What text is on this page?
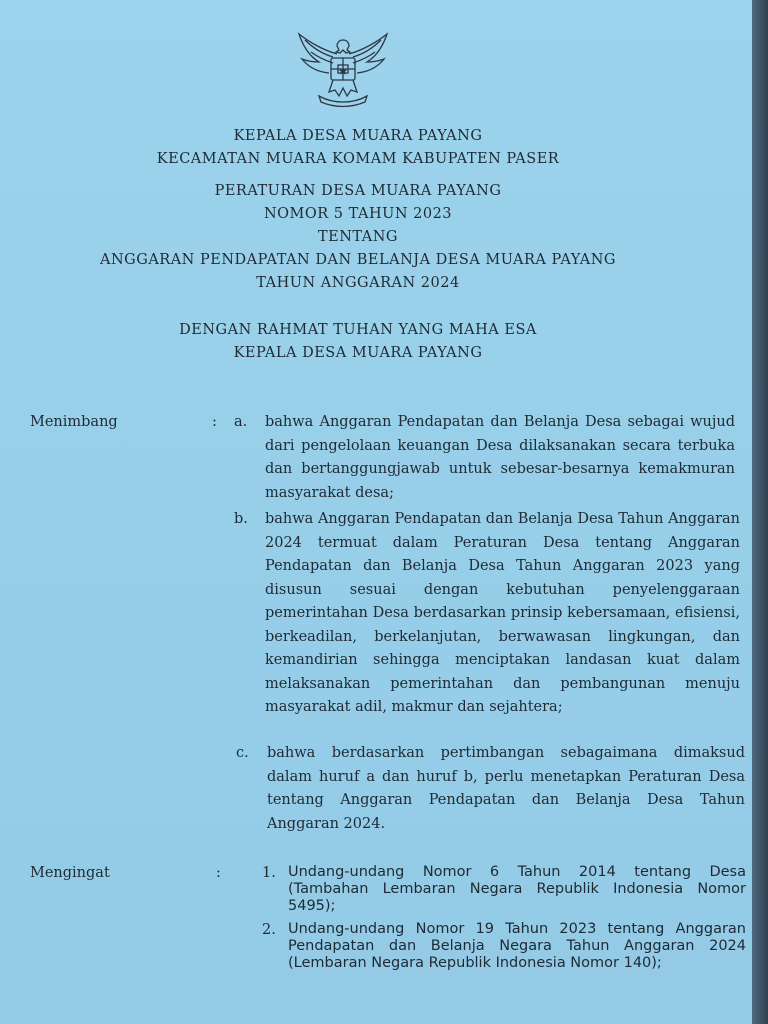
KEPALA DESA MUARA PAYANG
KECAMATAN MUARA KOMAM KABUPATEN PASER
PERATURAN DESA MUARA PAYANG
NOMOR 5 TAHUN 2023
TENTANG
ANGGARAN PENDAPATAN DAN BELANJA DESA MUARA PAYANG
TAHUN ANGGARAN 2024
DENGAN RAHMAT TUHAN YANG MAHA ESA
KEPALA DESA MUARA PAYANG
Menimbang	: a. bahwa Anggaran Pendapatan dan Belanja Desa sebagai wujud dari pengelolaan keuangan Desa dilaksanakan secara terbuka dan bertanggungjawab untuk sebesar-besarnya kemakmuran masyarakat desa;

b. bahwa Anggaran Pendapatan dan Belanja Desa Tahun Anggaran 2024 termuat dalam Peraturan Desa tentang Anggaran Pendapatan dan Belanja Desa Tahun Anggaran 2023 yang disusun sesuai dengan kebutuhan penyelenggaraan pemerintahan Desa berdasarkan prinsip kebersamaan, efisiensi, berkeadilan, berkelanjutan, berwawasan lingkungan, dan kemandirian sehingga menciptakan landasan kuat dalam melaksanakan pemerintahan dan pembangunan menuju masyarakat adil, makmur dan sejahtera;

c. bahwa berdasarkan pertimbangan sebagaimana dimaksud dalam huruf a dan huruf b, perlu menetapkan Peraturan Desa tentang Anggaran Pendapatan dan Belanja Desa Tahun Anggaran 2024.

Mengingat	:	1. Undang-undang Nomor 6 Tahun 2014 tentang Desa (Tambahan Lembaran Negara Republik Indonesia Nomor 5495);

2. Undang-undang Nomor 19 Tahun 2023 tentang Anggaran Pendapatan dan Belanja Negara Tahun Anggaran 2024 (Lembaran Negara Republik Indonesia Nomor 140);
